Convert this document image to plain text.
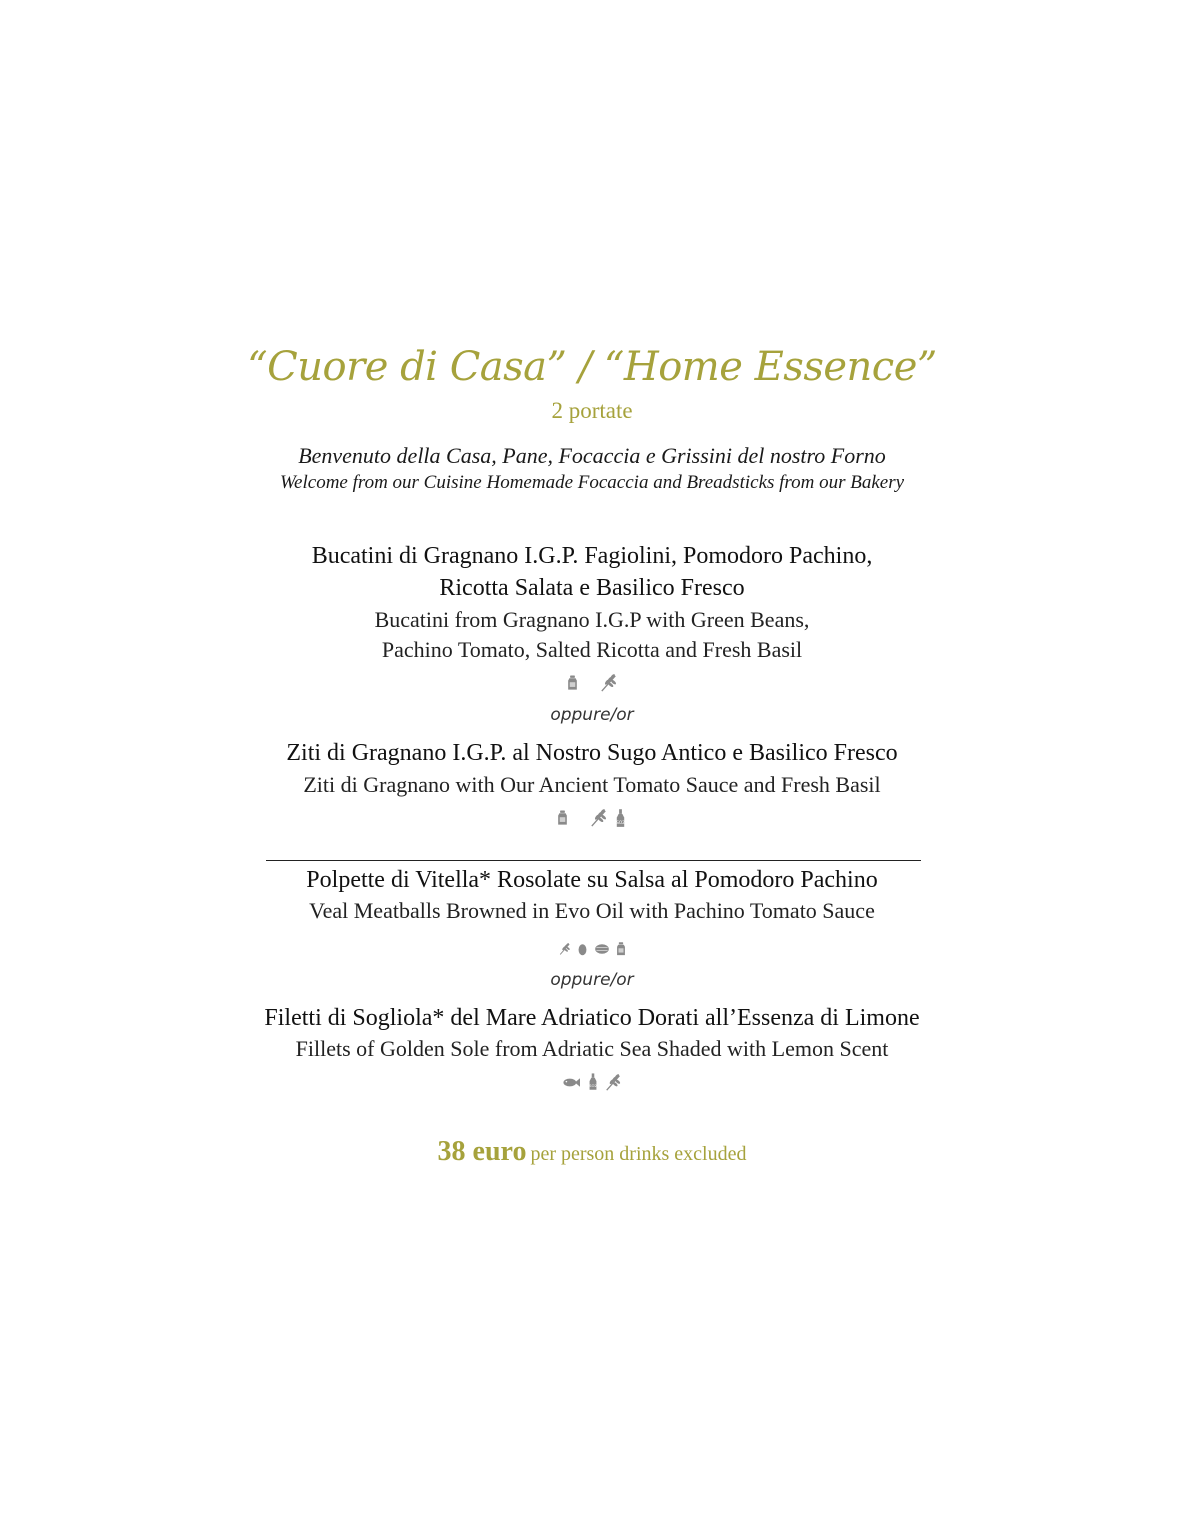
“Cuore di Casa” / “Home Essence”
2 portate
Benvenuto della Casa, Pane, Focaccia e Grissini del nostro Forno
Welcome from our Cuisine Homemade Focaccia and Breadsticks from our Bakery
Bucatini di Gragnano I.G.P. Fagiolini, Pomodoro Pachino,
Ricotta Salata e Basilico Fresco
Bucatini from Gragnano I.G.P with Green Beans,
Pachino Tomato, Salted Ricotta and Fresh Basil
oppure/or
Ziti di Gragnano I.G.P. al Nostro Sugo Antico e Basilico Fresco
Ziti di Gragnano with Our Ancient Tomato Sauce and Fresh Basil
Polpette di Vitella* Rosolate su Salsa al Pomodoro Pachino
Veal Meatballs Browned in Evo Oil with Pachino Tomato Sauce
oppure/or
Filetti di Sogliola* del Mare Adriatico Dorati all’Essenza di Limone
Fillets of Golden Sole from Adriatic Sea Shaded with Lemon Scent
38 euro per person drinks excluded
